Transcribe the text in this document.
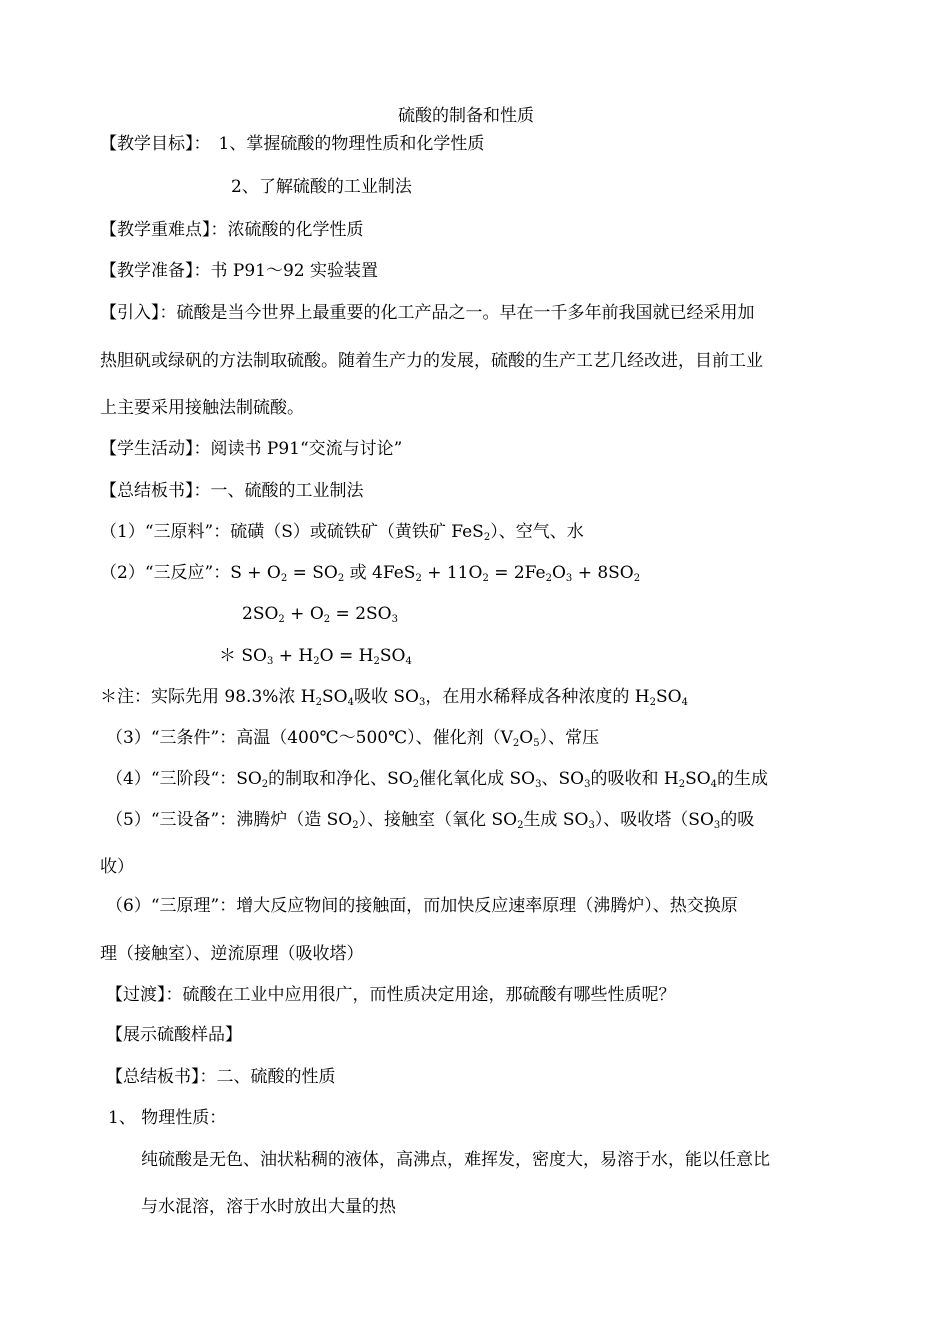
硫酸的制备和性质
【教学目标】： 1、掌握硫酸的物理性质和化学性质
2、了解硫酸的工业制法
【教学重难点】：浓硫酸的化学性质
【教学准备】：书 P91～92 实验装置
【引入】：硫酸是当今世界上最重要的化工产品之一。早在一千多年前我国就已经采用加
热胆矾或绿矾的方法制取硫酸。随着生产力的发展，硫酸的生产工艺几经改进，目前工业
上主要采用接触法制硫酸。
【学生活动】：阅读书 P91“交流与讨论”
【总结板书】：一、硫酸的工业制法
（1）“三原料”：硫磺（S）或硫铁矿（黄铁矿 FeS$_2$）、空气、水
（2）“三反应”：$S + O_2 = SO_2$ 或 $4FeS_2 + 11O_2 = 2Fe_2O_3 + 8SO_2$
$2SO_2 + O_2 = 2SO_3$
＊ $SO_3 + H_2O = H_2SO_4$
＊注：实际先用 98.3%浓 $H_2SO_4$吸收 $SO_3$，在用水稀释成各种浓度的 $H_2SO_4$
（3）“三条件”：高温（400℃～500℃）、催化剂$(V_2O_5)$、常压
（4）“三阶段“：$SO_2$的制取和净化、$SO_2$催化氧化成 $SO_3$、$SO_3$的吸收和 $H_2SO_4$的生成
（5）“三设备”：沸腾炉（造 $SO_2$）、接触室（氧化 $SO_2$生成 $SO_3$）、吸收塔（$SO_3$的吸
收）
（6）“三原理”：增大反应物间的接触面，而加快反应速率原理（沸腾炉）、热交换原
理（接触室）、逆流原理（吸收塔）
【过渡】：硫酸在工业中应用很广，而性质决定用途，那硫酸有哪些性质呢？
【展示硫酸样品】
【总结板书】：二、硫酸的性质
1、 物理性质：
纯硫酸是无色、油状粘稠的液体，高沸点，难挥发，密度大，易溶于水，能以任意比
与水混溶，溶于水时放出大量的热
